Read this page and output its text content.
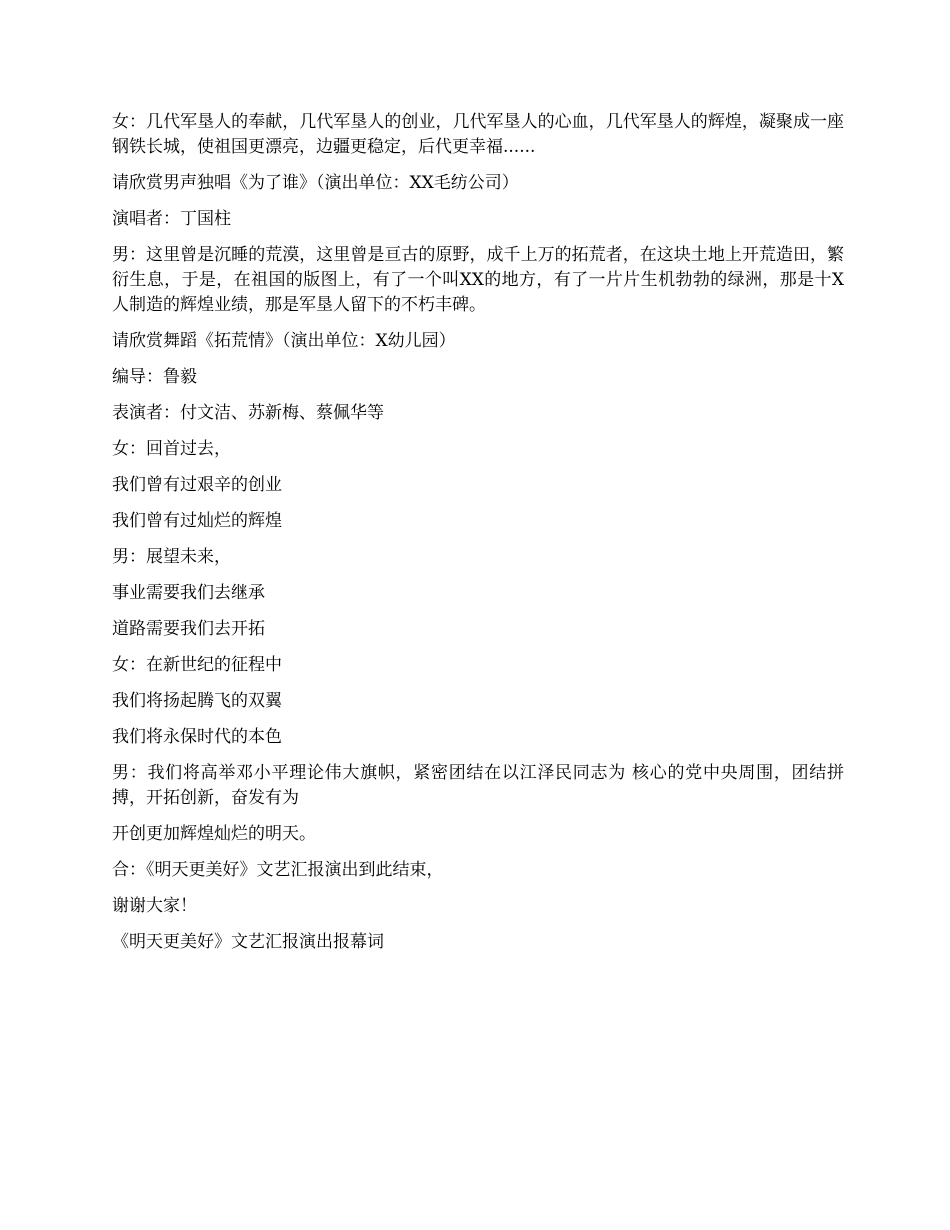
女：几代军垦人的奉献，几代军垦人的创业，几代军垦人的心血，几代军垦人的辉煌，凝聚成一座钢铁长城，使祖国更漂亮，边疆更稳定，后代更幸福......

请欣赏男声独唱《为了谁》（演出单位：XX毛纺公司）

演唱者：丁国柱

男：这里曾是沉睡的荒漠，这里曾是亘古的原野，成千上万的拓荒者，在这块土地上开荒造田，繁衍生息，于是，在祖国的版图上，有了一个叫XX的地方，有了一片片生机勃勃的绿洲，那是十X人制造的辉煌业绩，那是军垦人留下的不朽丰碑。

请欣赏舞蹈《拓荒情》（演出单位：X幼儿园）

编导：鲁毅

表演者：付文洁、苏新梅、蔡佩华等

女：回首过去，

我们曾有过艰辛的创业

我们曾有过灿烂的辉煌

男：展望未来，

事业需要我们去继承

道路需要我们去开拓

女：在新世纪的征程中

我们将扬起腾飞的双翼

我们将永保时代的本色

男：我们将高举邓小平理论伟大旗帜，紧密团结在以江泽民同志为 核心的党中央周围，团结拼搏，开拓创新，奋发有为

开创更加辉煌灿烂的明天。

合：《明天更美好》文艺汇报演出到此结束，

谢谢大家！

《明天更美好》文艺汇报演出报幕词
